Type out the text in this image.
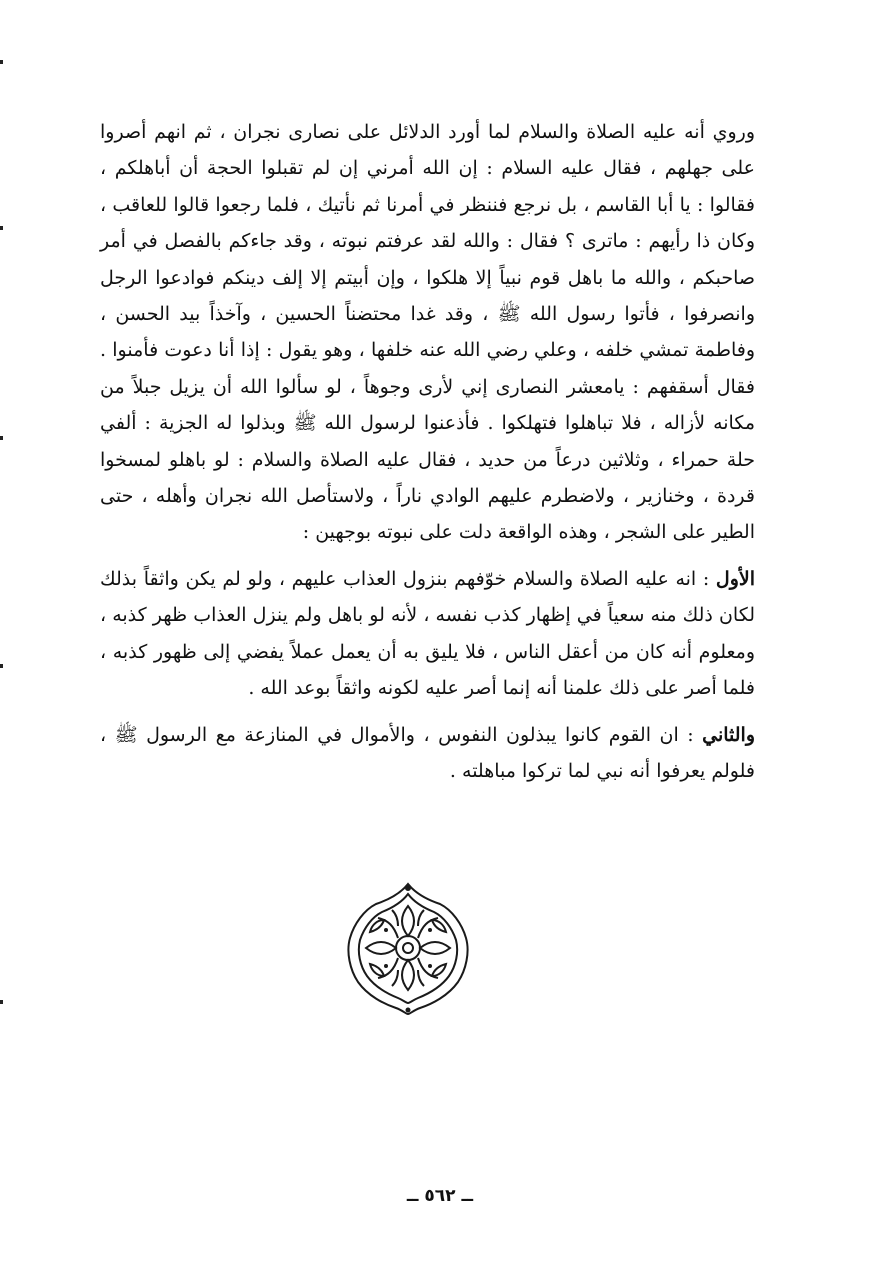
وروي أنه عليه الصلاة والسلام لما أورد الدلائل على نصارى نجران ، ثم انهم أصروا على جهلهم ، فقال عليه السلام : إن الله أمرني إن لم تقبلوا الحجة أن أباهلكم ، فقالوا : يا أبا القاسم ، بل نرجع فننظر في أمرنا ثم نأتيك ، فلما رجعوا قالوا للعاقب ، وكان ذا رأيهم : ماترى ؟ فقال : والله لقد عرفتم نبوته ، وقد جاءكم بالفصل في أمر صاحبكم ، والله ما باهل قوم نبياً إلا هلكوا ، وإن أبيتم إلا إلف دينكم فوادعوا الرجل وانصرفوا ، فأتوا رسول الله ﷺ ، وقد غدا محتضناً الحسين ، وآخذاً بيد الحسن ، وفاطمة تمشي خلفه ، وعلي رضي الله عنه خلفها ، وهو يقول : إذا أنا دعوت فأمنوا . فقال أسقفهم : يامعشر النصارى إني لأرى وجوهاً ، لو سألوا الله أن يزيل جبلاً من مكانه لأزاله ، فلا تباهلوا فتهلكوا . فأذعنوا لرسول الله ﷺ وبذلوا له الجزية : ألفي حلة حمراء ، وثلاثين درعاً من حديد ، فقال عليه الصلاة والسلام : لو باهلو لمسخوا قردة ، وخنازير ، ولاضطرم عليهم الوادي ناراً ، ولاستأصل الله نجران وأهله ، حتى الطير على الشجر ، وهذه الواقعة دلت على نبوته بوجهين :

الأول : انه عليه الصلاة والسلام خوّفهم بنزول العذاب عليهم ، ولو لم يكن واثقاً بذلك لكان ذلك منه سعياً في إظهار كذب نفسه ، لأنه لو باهل ولم ينزل العذاب ظهر كذبه ، ومعلوم أنه كان من أعقل الناس ، فلا يليق به أن يعمل عملاً يفضي إلى ظهور كذبه ، فلما أصر على ذلك علمنا أنه إنما أصر عليه لكونه واثقاً بوعد الله .

والثاني : ان القوم كانوا يبذلون النفوس ، والأموال في المنازعة مع الرسول ﷺ ، فلولم يعرفوا أنه نبي لما تركوا مباهلته .

ــ ٥٦٢ ــ
